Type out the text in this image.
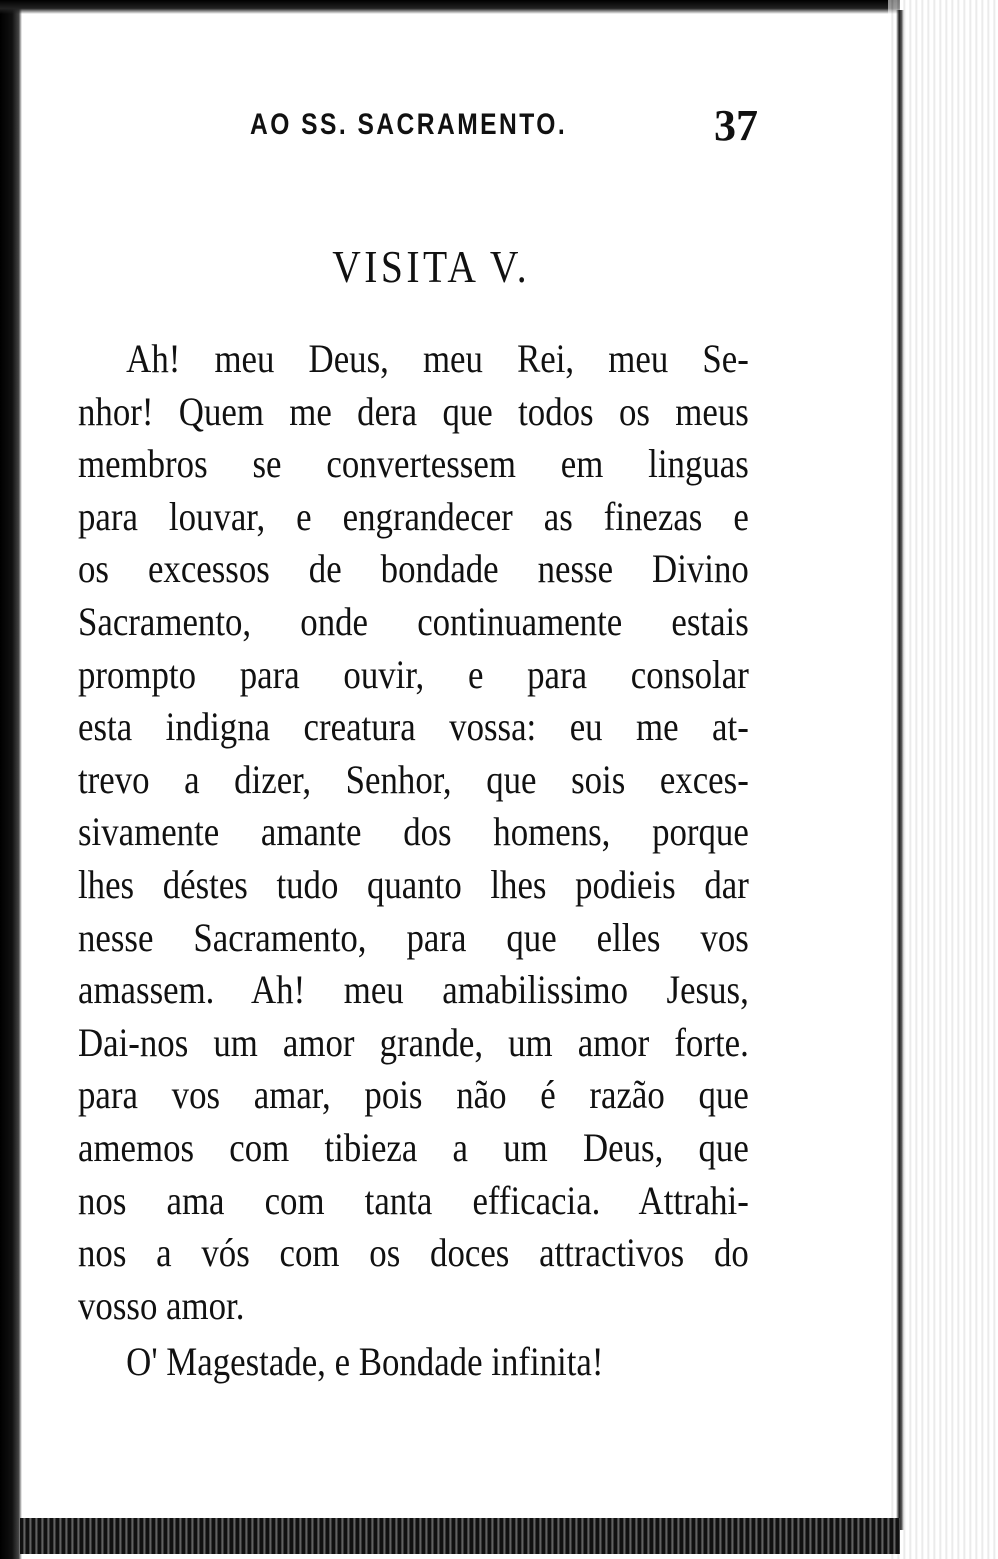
AO SS. SACRAMENTO.	37
VISITA V.

Ah! meu Deus, meu Rei, meu Se-
nhor! Quem me dera que todos os meus
membros se convertessem em linguas
para louvar, e engrandecer as finezas e
os excessos de bondade nesse Divino
Sacramento, onde continuamente estais
prompto para ouvir, e para consolar
esta indigna creatura vossa: eu me at-
trevo a dizer, Senhor, que sois exces-
sivamente amante dos homens, porque
lhes déstes tudo quanto lhes podieis dar
nesse Sacramento, para que elles vos
amassem. Ah! meu amabilissimo Jesus,
Dai-nos um amor grande, um amor forte.
para vos amar, pois não é razão que
amemos com tibieza a um Deus, que
nos ama com tanta efficacia. Attrahi-
nos a vós com os doces attractivos do
vosso amor.

O' Magestade, e Bondade infinita!
